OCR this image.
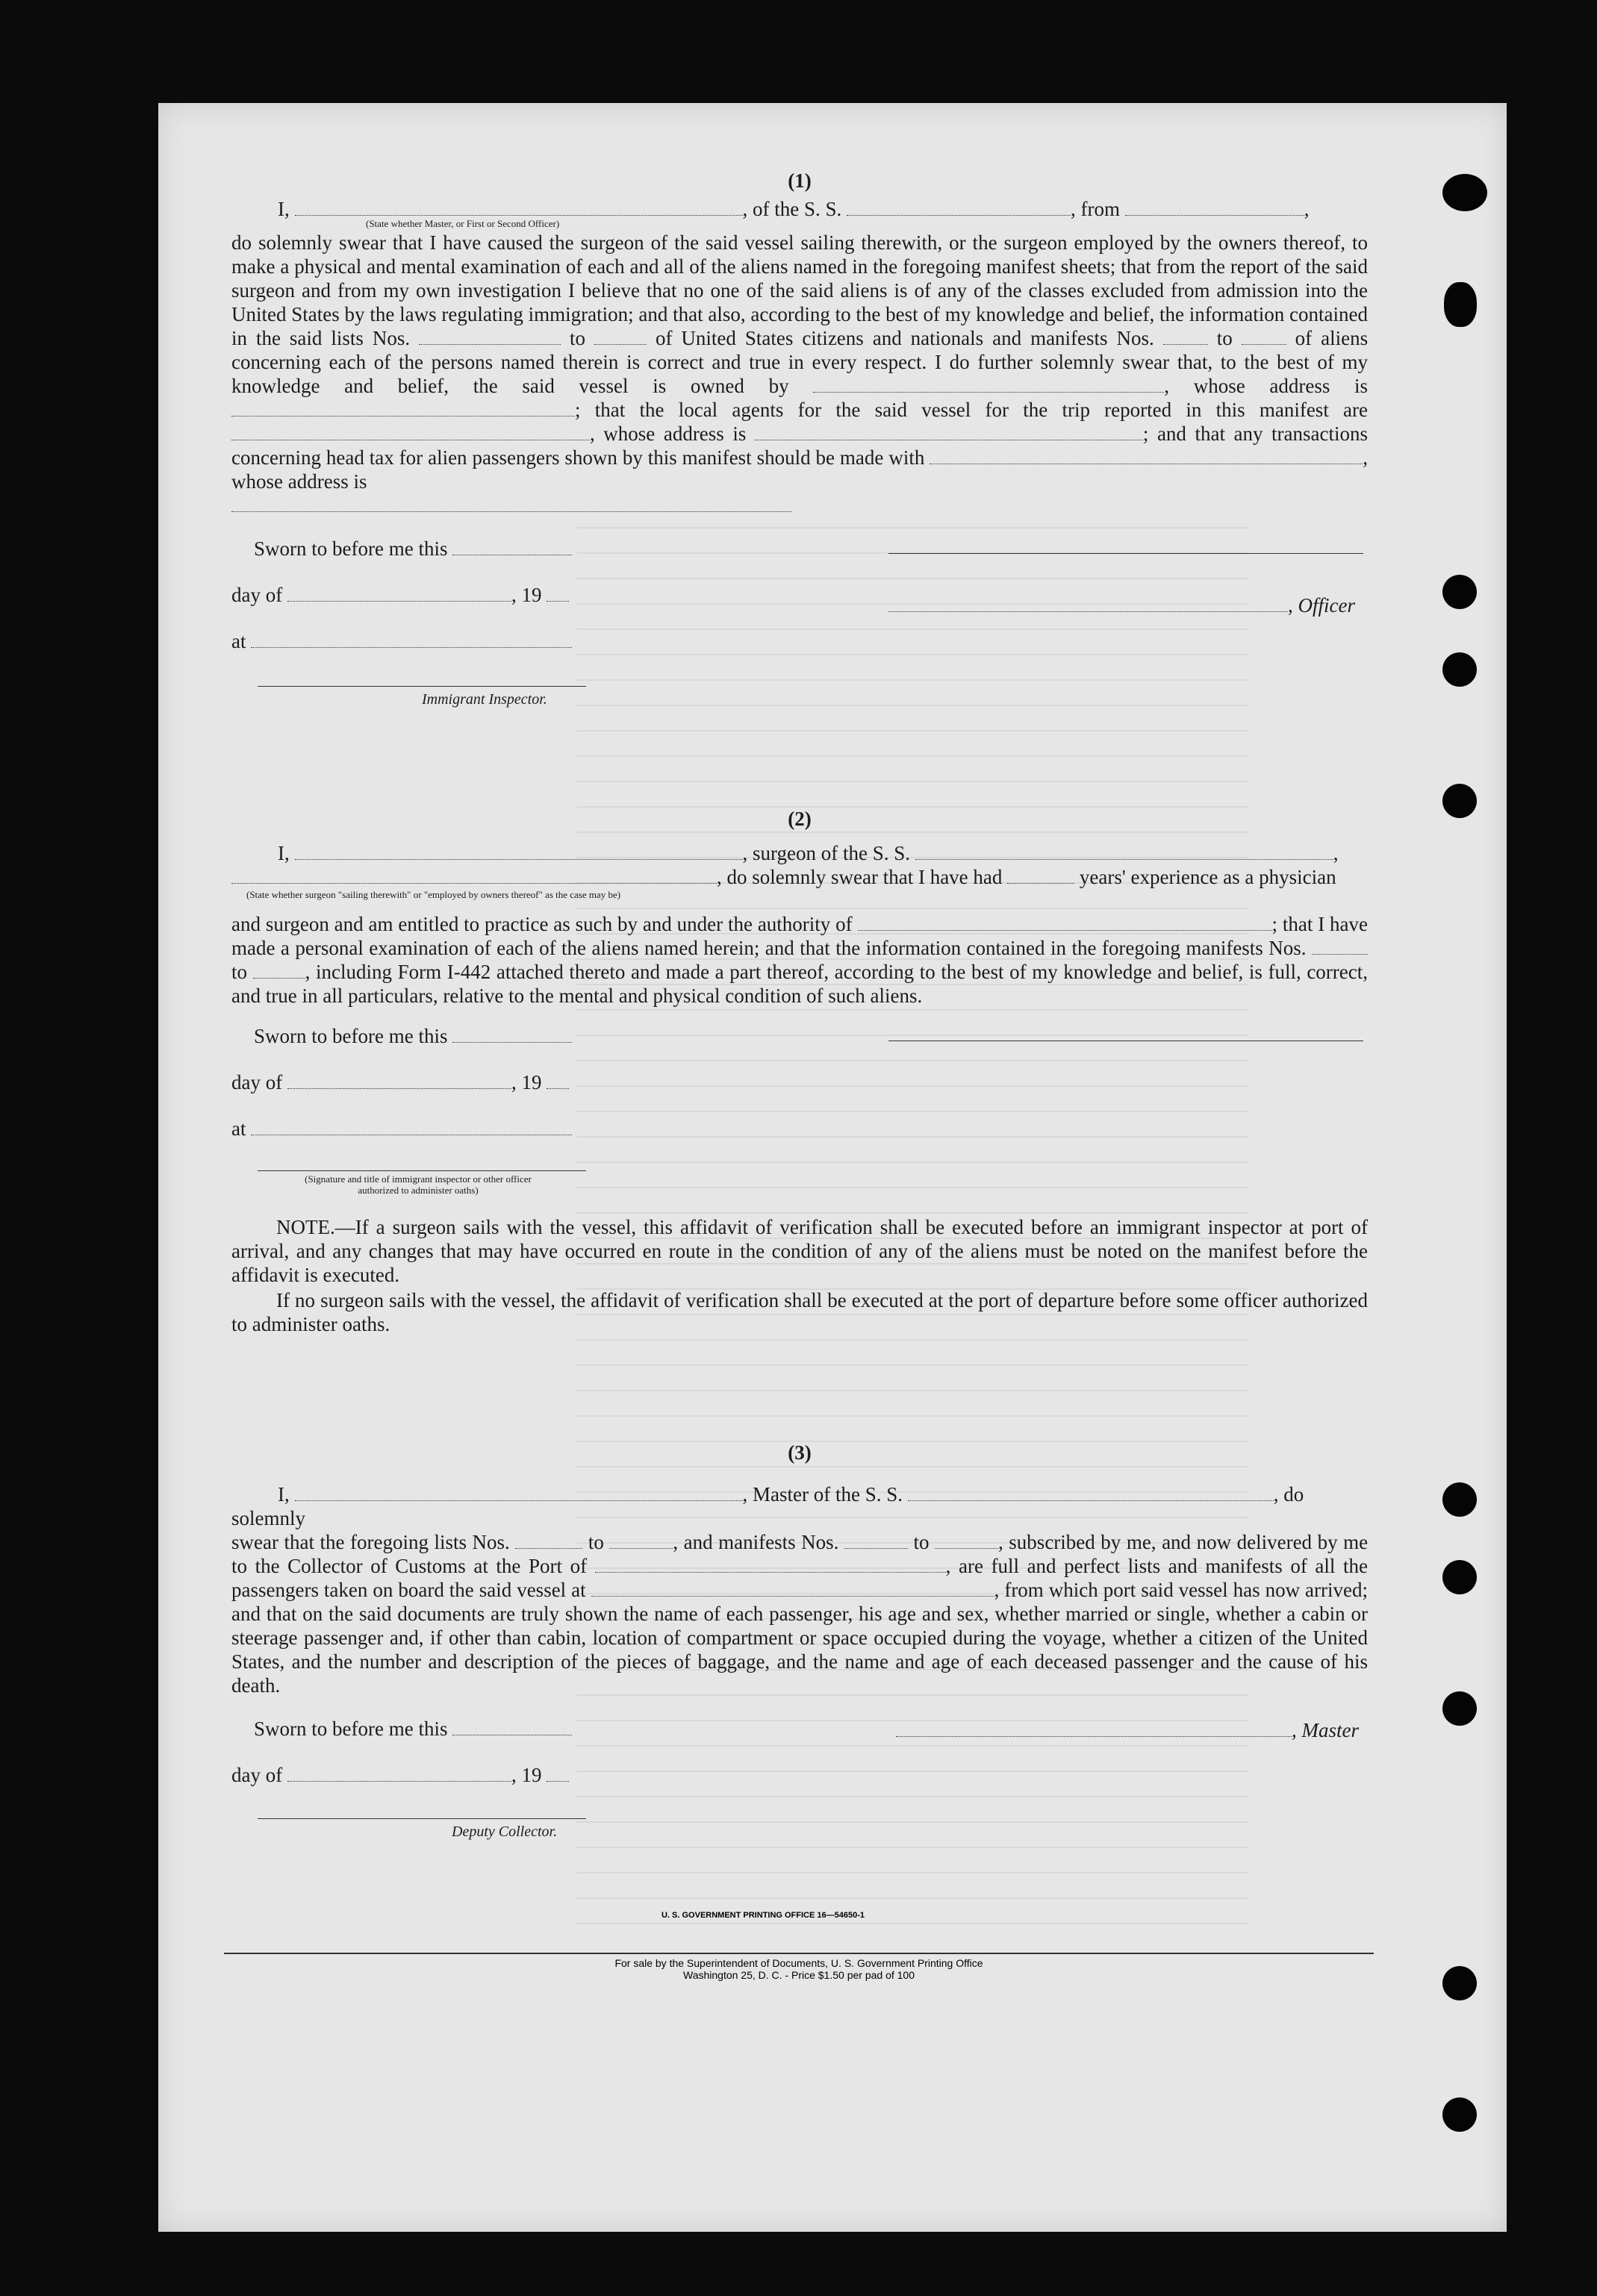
(1)
I,	, of the S. S.	, from	,
(State whether Master, or First or Second Officer)
do solemnly swear that I have caused the surgeon of the said vessel sailing therewith, or the surgeon employed by the owners thereof, to make a physical and mental examination of each and all of the aliens named in the foregoing manifest sheets; that from the report of the said surgeon and from my own investigation I believe that no one of the said aliens is of any of the classes excluded from admission into the United States by the laws regulating immigration; and that also, according to the best of my knowledge and belief, the information contained in the said lists Nos.	to	of United States citizens and nationals and manifests Nos.	to	of aliens concerning each of the persons named therein is correct and true in every respect. I do further solemnly swear that, to the best of my knowledge and belief, the said vessel is owned by	, whose address is ; that the local agents for the said vessel for the trip reported in this manifest are , whose address is	; and that any transactions concerning head tax for alien passengers shown by this manifest should be made with	, whose address is
Sworn to before me this
day of	, 19	, Officer
at
Immigrant Inspector.
(2)
I,	, surgeon of the S. S.	,
, do solemnly swear that I have had	years' experience as a physician
(State whether surgeon "sailing therewith" or "employed by owners thereof" as the case may be)
and surgeon and am entitled to practice as such by and under the authority of	; that I have made a personal examination of each of the aliens named herein; and that the information contained in the foregoing manifests Nos.  to	, including Form I-442 attached thereto and made a part thereof, according to the best of my knowledge and belief, is full, correct, and true in all particulars, relative to the mental and physical condition of such aliens.
Sworn to before me this
day of	, 19
at
(Signature and title of immigrant inspector or other officer authorized to administer oaths)
NOTE.—If a surgeon sails with the vessel, this affidavit of verification shall be executed before an immigrant inspector at port of arrival, and any changes that may have occurred en route in the condition of any of the aliens must be noted on the manifest before the affidavit is executed.
If no surgeon sails with the vessel, the affidavit of verification shall be executed at the port of departure before some officer authorized to administer oaths.
(3)
I,	, Master of the S. S.	, do solemnly
swear that the foregoing lists Nos.	to	, and manifests Nos.	to	, subscribed by me, and now delivered by me to the Collector of Customs at the Port of	, are full and perfect lists and manifests of all the passengers taken on board the said vessel at	, from which port said vessel has now arrived; and that on the said documents are truly shown the name of each passenger, his age and sex, whether married or single, whether a cabin or steerage passenger and, if other than cabin, location of compartment or space occupied during the voyage, whether a citizen of the United States, and the number and description of the pieces of baggage, and the name and age of each deceased passenger and the cause of his death.
Sworn to before me this	, Master
day of	, 19
Deputy Collector.
U. S. GOVERNMENT PRINTING OFFICE 16—54650-1
For sale by the Superintendent of Documents, U. S. Government Printing Office
Washington 25, D. C. - Price $1.50 per pad of 100
